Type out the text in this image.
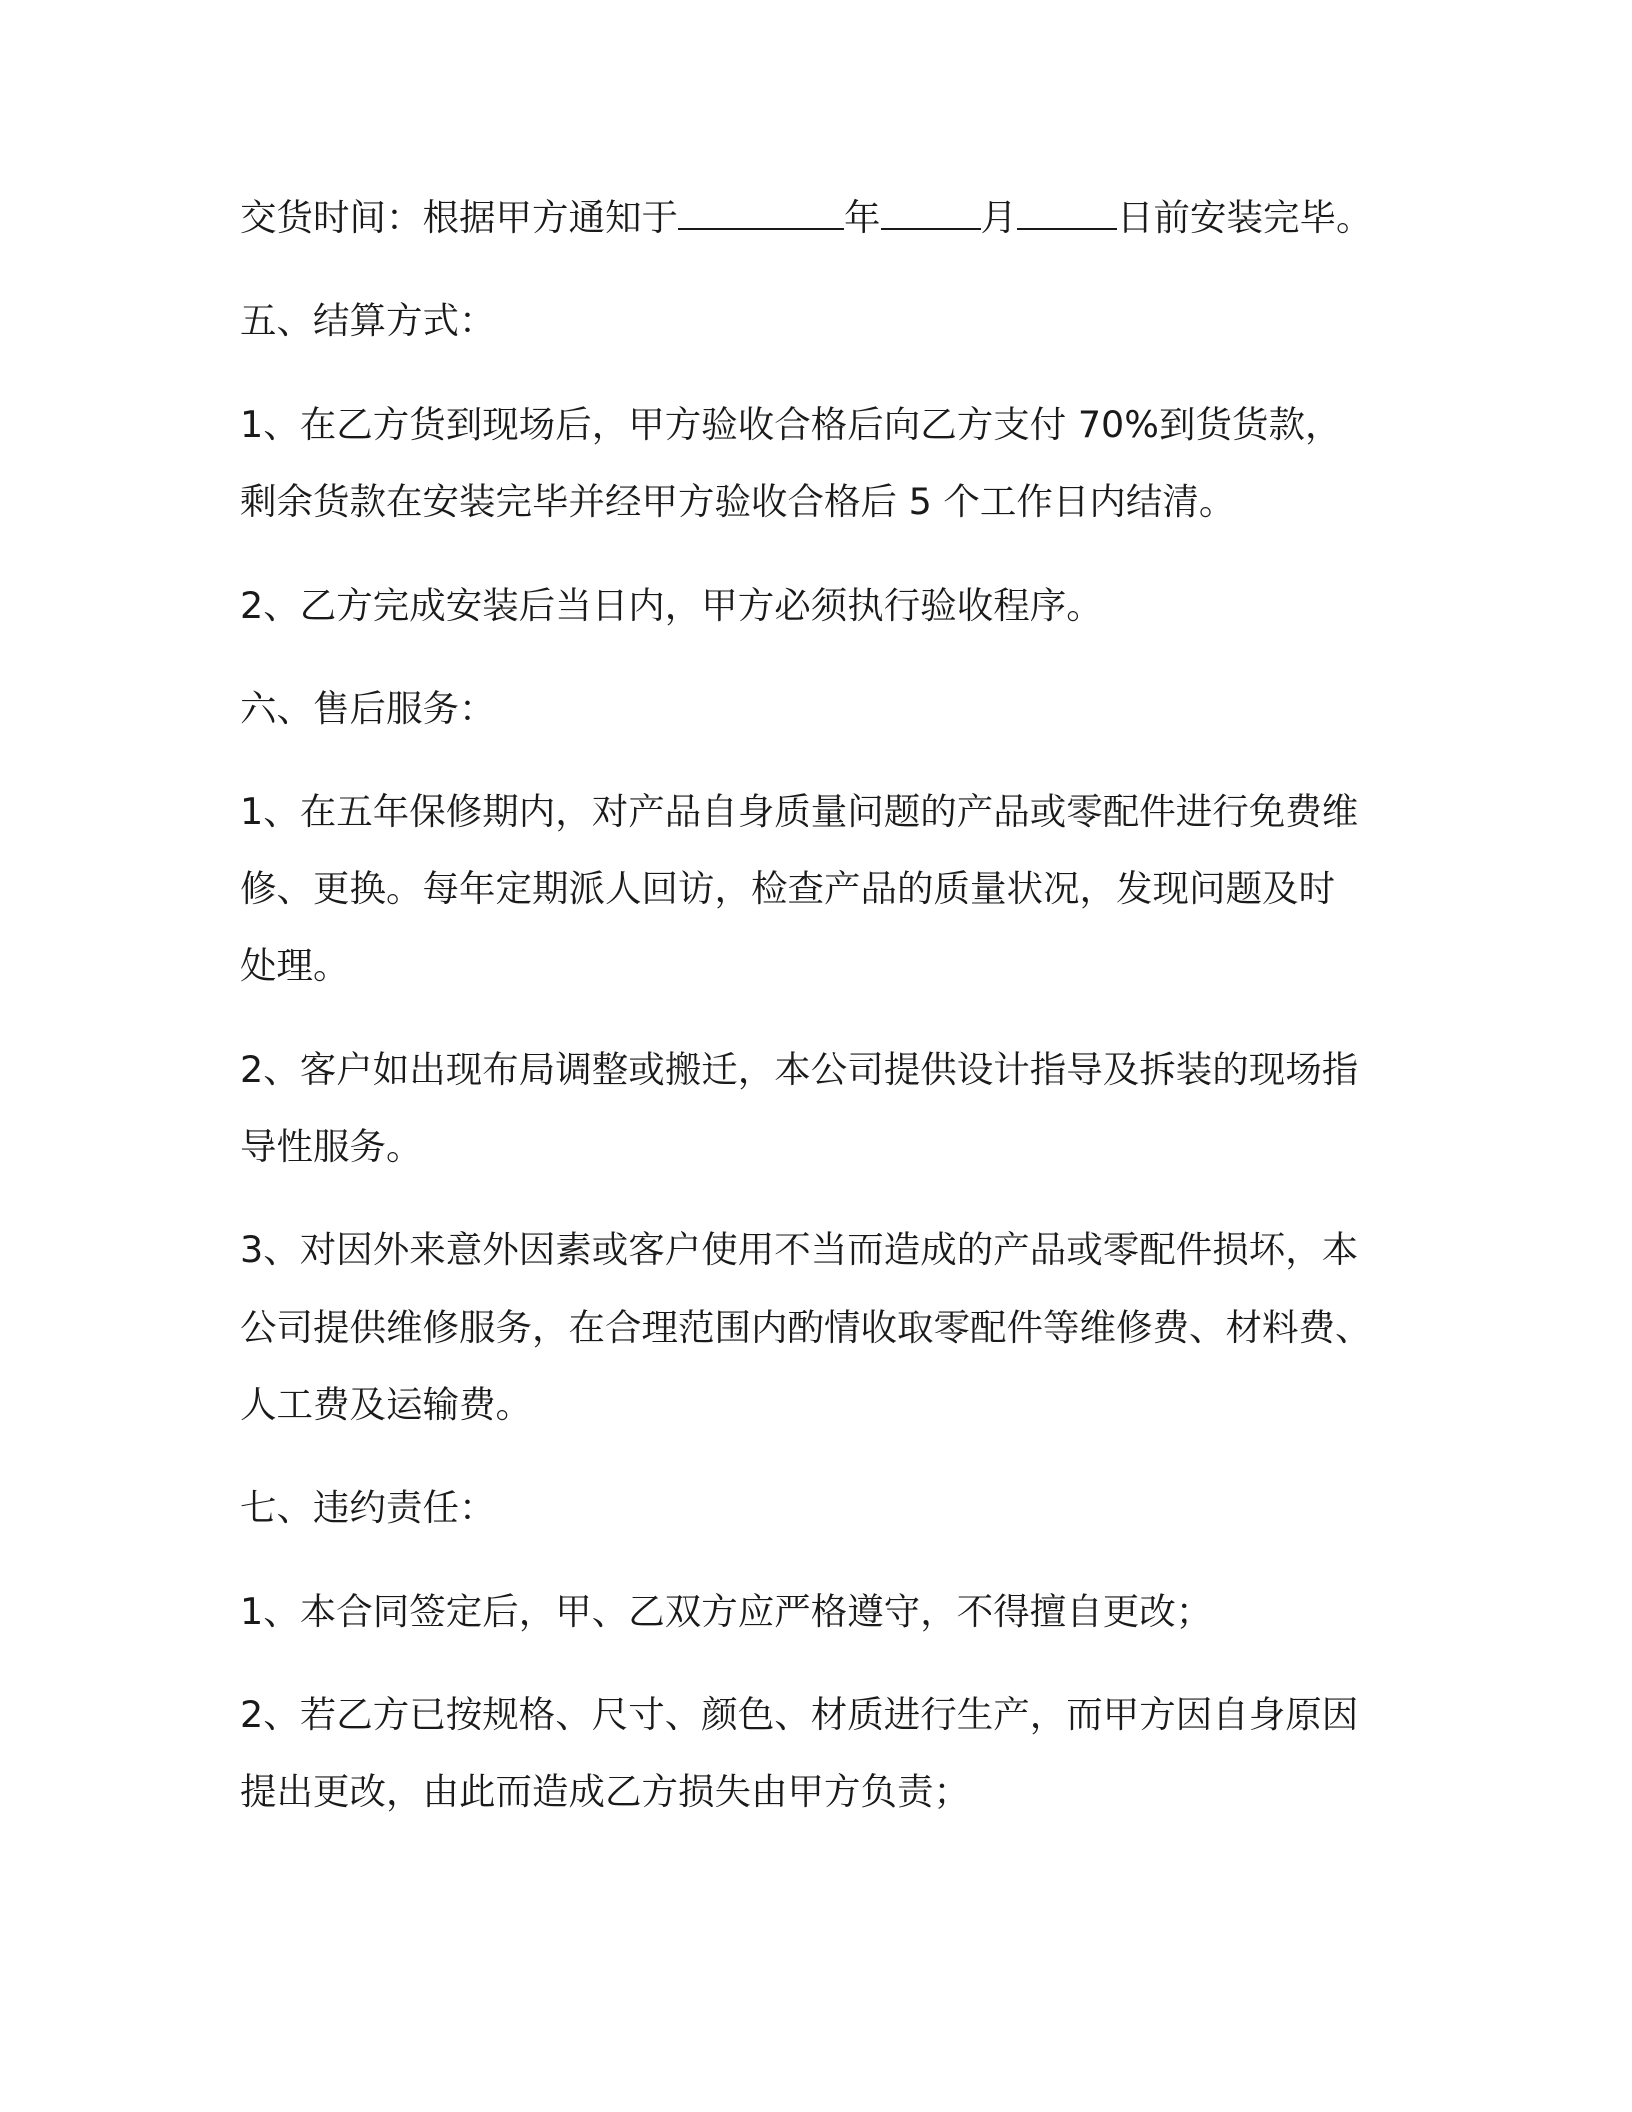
交货时间：根据甲方通知于	年	月	日前安装完毕。

五、结算方式：

1、在乙方货到现场后，甲方验收合格后向乙方支付 70%到货货款，

剩余货款在安装完毕并经甲方验收合格后 5 个工作日内结清。

2、乙方完成安装后当日内，甲方必须执行验收程序。

六、售后服务：

1、在五年保修期内，对产品自身质量问题的产品或零配件进行免费维

修、更换。每年定期派人回访，检查产品的质量状况，发现问题及时

处理。

2、客户如出现布局调整或搬迁，本公司提供设计指导及拆装的现场指

导性服务。

3、对因外来意外因素或客户使用不当而造成的产品或零配件损坏，本

公司提供维修服务，在合理范围内酌情收取零配件等维修费、材料费、

人工费及运输费。

七、违约责任：

1、本合同签定后，甲、乙双方应严格遵守，不得擅自更改；

2、若乙方已按规格、尺寸、颜色、材质进行生产，而甲方因自身原因

提出更改，由此而造成乙方损失由甲方负责；
